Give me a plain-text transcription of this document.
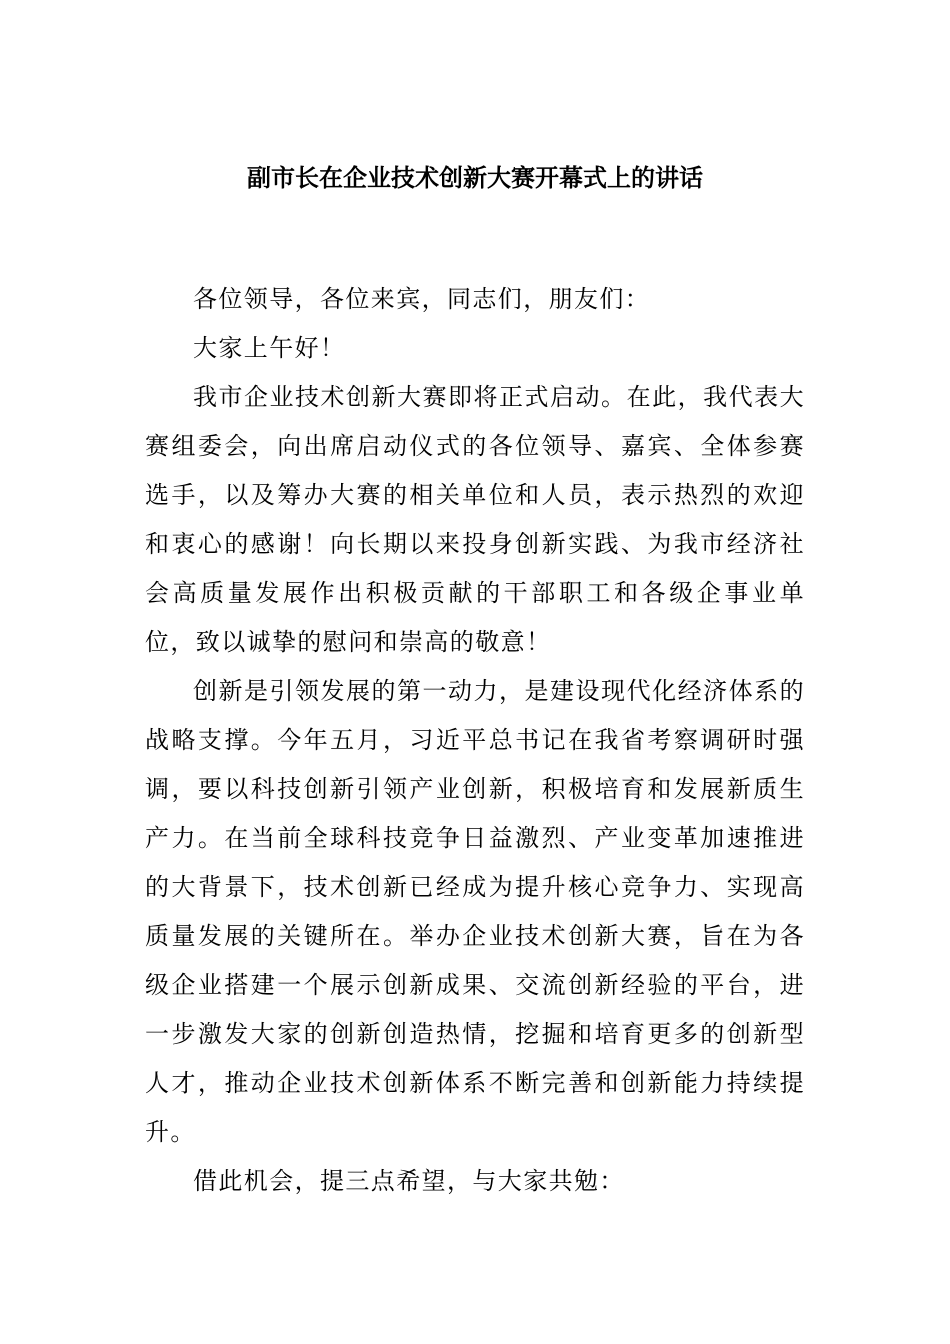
副市长在企业技术创新大赛开幕式上的讲话

各位领导，各位来宾，同志们，朋友们：

大家上午好！

我市企业技术创新大赛即将正式启动。在此，我代表大赛组委会，向出席启动仪式的各位领导、嘉宾、全体参赛选手，以及筹办大赛的相关单位和人员，表示热烈的欢迎和衷心的感谢！向长期以来投身创新实践、为我市经济社会高质量发展作出积极贡献的干部职工和各级企事业单位，致以诚挚的慰问和崇高的敬意！

创新是引领发展的第一动力，是建设现代化经济体系的战略支撑。今年五月，习近平总书记在我省考察调研时强调，要以科技创新引领产业创新，积极培育和发展新质生产力。在当前全球科技竞争日益激烈、产业变革加速推进的大背景下，技术创新已经成为提升核心竞争力、实现高质量发展的关键所在。举办企业技术创新大赛，旨在为各级企业搭建一个展示创新成果、交流创新经验的平台，进一步激发大家的创新创造热情，挖掘和培育更多的创新型人才，推动企业技术创新体系不断完善和创新能力持续提升。

借此机会，提三点希望，与大家共勉：
